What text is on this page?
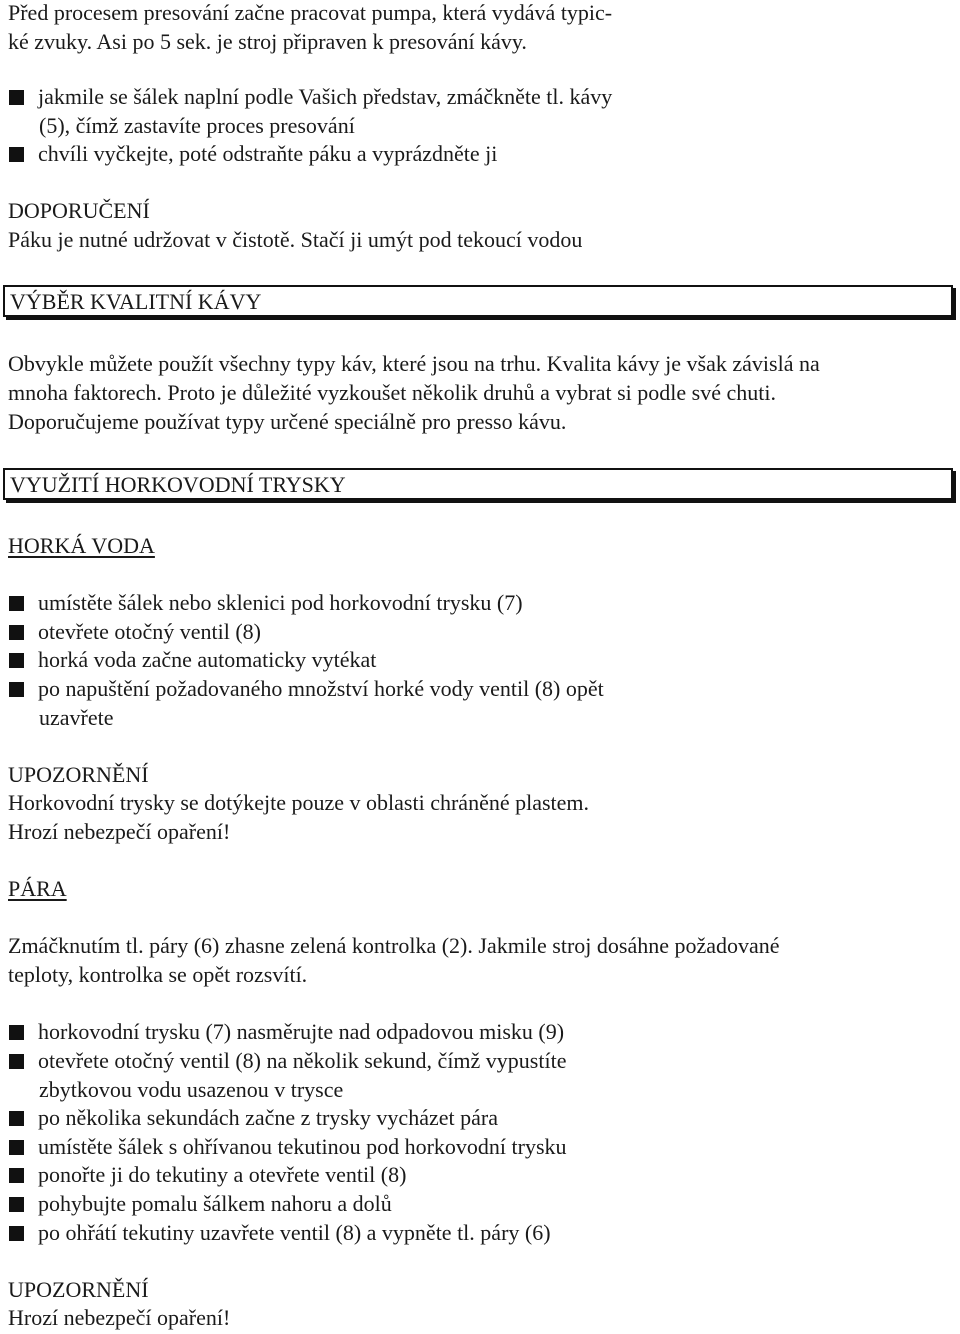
Před procesem presování začne pracovat pumpa, která vydává typic-
ké zvuky. Asi po 5 sek. je stroj připraven k presování kávy.
jakmile se šálek naplní podle Vašich představ, zmáčkněte tl. kávy
(5), čímž zastavíte proces presování
chvíli vyčkejte, poté odstraňte páku a vyprázdněte ji
DOPORUČENÍ
Páku je nutné udržovat v čistotě. Stačí ji umýt pod tekoucí vodou
VÝBĚR KVALITNÍ KÁVY
Obvykle můžete použít všechny typy káv, které jsou na trhu. Kvalita kávy je však závislá na
mnoha faktorech. Proto je důležité vyzkoušet několik druhů a vybrat si podle své chuti.
Doporučujeme používat typy určené speciálně pro presso kávu.
VYUŽITÍ HORKOVODNÍ TRYSKY
HORKÁ VODA
umístěte šálek nebo sklenici pod horkovodní trysku (7)
otevřete otočný ventil (8)
horká voda začne automaticky vytékat
po napuštění požadovaného množství horké vody ventil (8) opět
uzavřete
UPOZORNĚNÍ
Horkovodní trysky se dotýkejte pouze v oblasti chráněné plastem.
Hrozí nebezpečí opaření!
PÁRA
Zmáčknutím tl. páry (6) zhasne zelená kontrolka (2). Jakmile stroj dosáhne požadované
teploty, kontrolka se opět rozsvítí.
horkovodní trysku (7) nasměrujte nad odpadovou misku (9)
otevřete otočný ventil (8) na několik sekund, čímž vypustíte
zbytkovou vodu usazenou v trysce
po několika sekundách začne z trysky vycházet pára
umístěte šálek s ohřívanou tekutinou pod horkovodní trysku
ponořte ji do tekutiny a otevřete ventil (8)
pohybujte pomalu šálkem nahoru a dolů
po ohřátí tekutiny uzavřete ventil (8) a vypněte tl. páry (6)
UPOZORNĚNÍ
Hrozí nebezpečí opaření!
